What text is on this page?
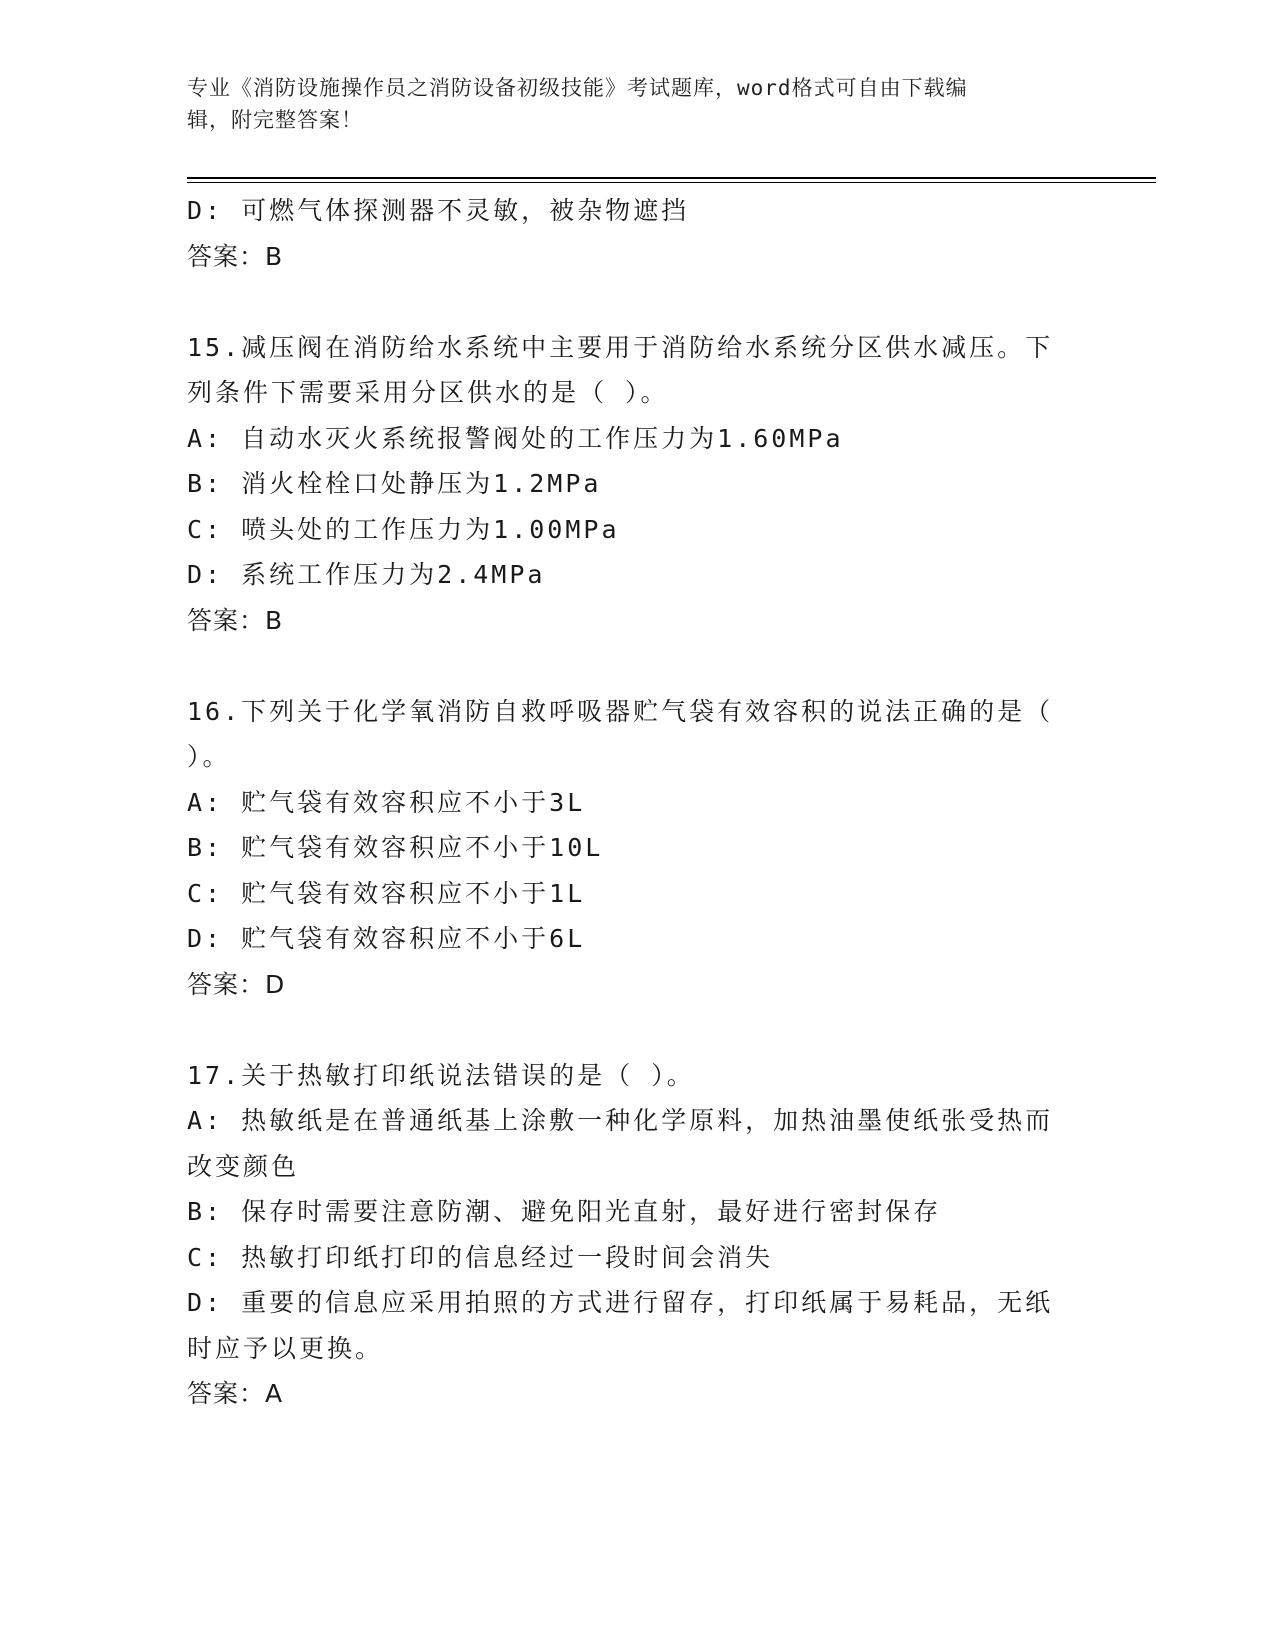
专业《消防设施操作员之消防设备初级技能》考试题库，word格式可自由下载编
辑，附完整答案！
D: 可燃气体探测器不灵敏，被杂物遮挡
答案：B
15.减压阀在消防给水系统中主要用于消防给水系统分区供水减压。下
列条件下需要采用分区供水的是（ ）。
A: 自动水灭火系统报警阀处的工作压力为1.60MPa
B: 消火栓栓口处静压为1.2MPa
C: 喷头处的工作压力为1.00MPa
D: 系统工作压力为2.4MPa
答案：B
16.下列关于化学氧消防自救呼吸器贮气袋有效容积的说法正确的是（
）。
A: 贮气袋有效容积应不小于3L
B: 贮气袋有效容积应不小于10L
C: 贮气袋有效容积应不小于1L
D: 贮气袋有效容积应不小于6L
答案：D
17.关于热敏打印纸说法错误的是（ ）。
A: 热敏纸是在普通纸基上涂敷一种化学原料，加热油墨使纸张受热而
改变颜色
B: 保存时需要注意防潮、避免阳光直射，最好进行密封保存
C: 热敏打印纸打印的信息经过一段时间会消失
D: 重要的信息应采用拍照的方式进行留存，打印纸属于易耗品，无纸
时应予以更换。
答案：A
